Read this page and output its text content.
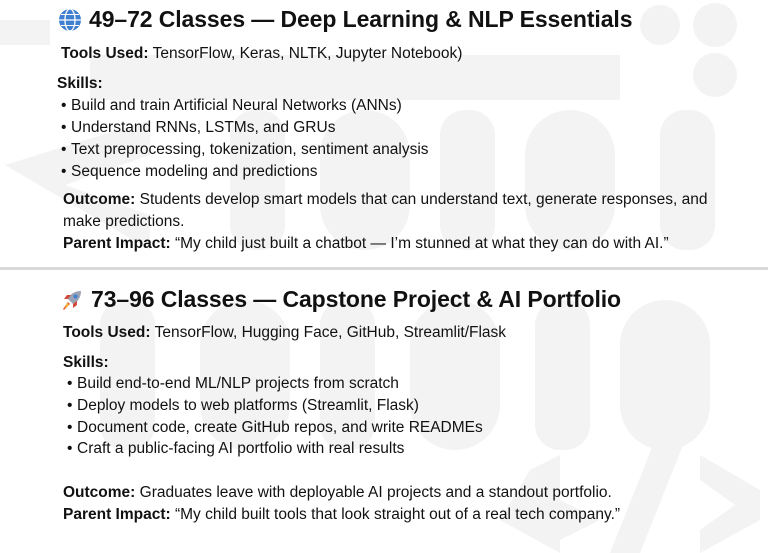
49–72 Classes — Deep Learning & NLP Essentials
Tools Used: TensorFlow, Keras, NLTK, Jupyter Notebook)
Skills:
• Build and train Artificial Neural Networks (ANNs)
• Understand RNNs, LSTMs, and GRUs
• Text preprocessing, tokenization, sentiment analysis
• Sequence modeling and predictions
Outcome: Students develop smart models that can understand text, generate responses, and
make predictions.
Parent Impact: “My child just built a chatbot — I’m stunned at what they can do with AI.”
73–96 Classes — Capstone Project & AI Portfolio
Tools Used: TensorFlow, Hugging Face, GitHub, Streamlit/Flask
Skills:
• Build end-to-end ML/NLP projects from scratch
• Deploy models to web platforms (Streamlit, Flask)
• Document code, create GitHub repos, and write READMEs
• Craft a public-facing AI portfolio with real results
Outcome: Graduates leave with deployable AI projects and a standout portfolio.
Parent Impact: “My child built tools that look straight out of a real tech company.”
